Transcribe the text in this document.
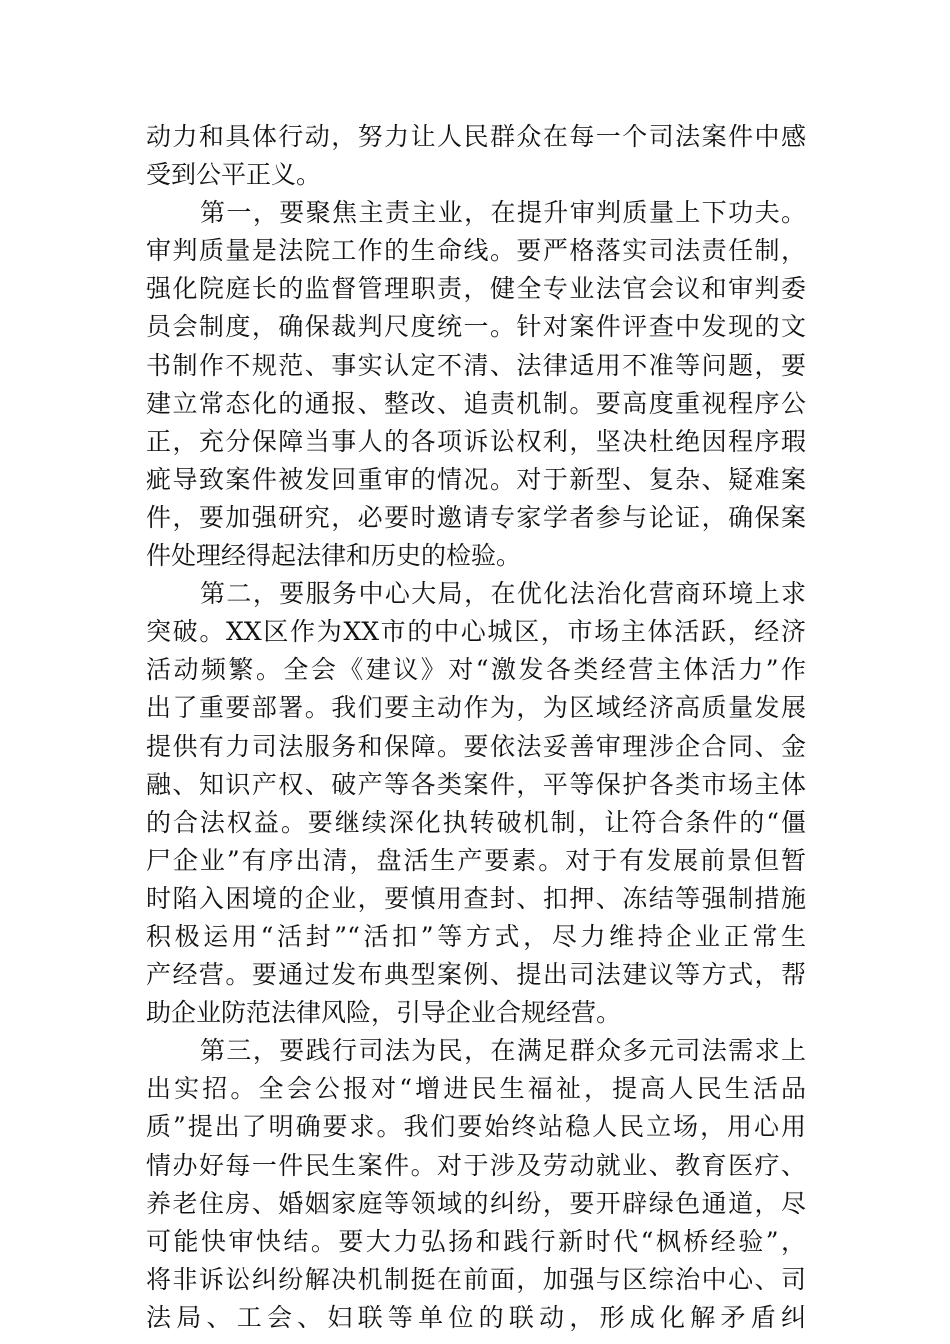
动力和具体行动，努力让人民群众在每一个司法案件中感
受到公平正义。
第一，要聚焦主责主业，在提升审判质量上下功夫。
审判质量是法院工作的生命线。要严格落实司法责任制，
强化院庭长的监督管理职责，健全专业法官会议和审判委
员会制度，确保裁判尺度统一。针对案件评查中发现的文
书制作不规范、事实认定不清、法律适用不准等问题，要
建立常态化的通报、整改、追责机制。要高度重视程序公
正，充分保障当事人的各项诉讼权利，坚决杜绝因程序瑕
疵导致案件被发回重审的情况。对于新型、复杂、疑难案
件，要加强研究，必要时邀请专家学者参与论证，确保案
件处理经得起法律和历史的检验。
第二，要服务中心大局，在优化法治化营商环境上求
突破。XX区作为XX市的中心城区，市场主体活跃，经济
活动频繁。全会《建议》对“激发各类经营主体活力”作
出了重要部署。我们要主动作为，为区域经济高质量发展
提供有力司法服务和保障。要依法妥善审理涉企合同、金
融、知识产权、破产等各类案件，平等保护各类市场主体
的合法权益。要继续深化执转破机制，让符合条件的“僵
尸企业”有序出清，盘活生产要素。对于有发展前景但暂
时陷入困境的企业，要慎用查封、扣押、冻结等强制措施
积极运用“活封”“活扣”等方式，尽力维持企业正常生
产经营。要通过发布典型案例、提出司法建议等方式，帮
助企业防范法律风险，引导企业合规经营。
第三，要践行司法为民，在满足群众多元司法需求上
出实招。全会公报对“增进民生福祉，提高人民生活品
质”提出了明确要求。我们要始终站稳人民立场，用心用
情办好每一件民生案件。对于涉及劳动就业、教育医疗、
养老住房、婚姻家庭等领域的纠纷，要开辟绿色通道，尽
可能快审快结。要大力弘扬和践行新时代“枫桥经验”，
将非诉讼纠纷解决机制挺在前面，加强与区综治中心、司
法局、工会、妇联等单位的联动，形成化解矛盾纠
